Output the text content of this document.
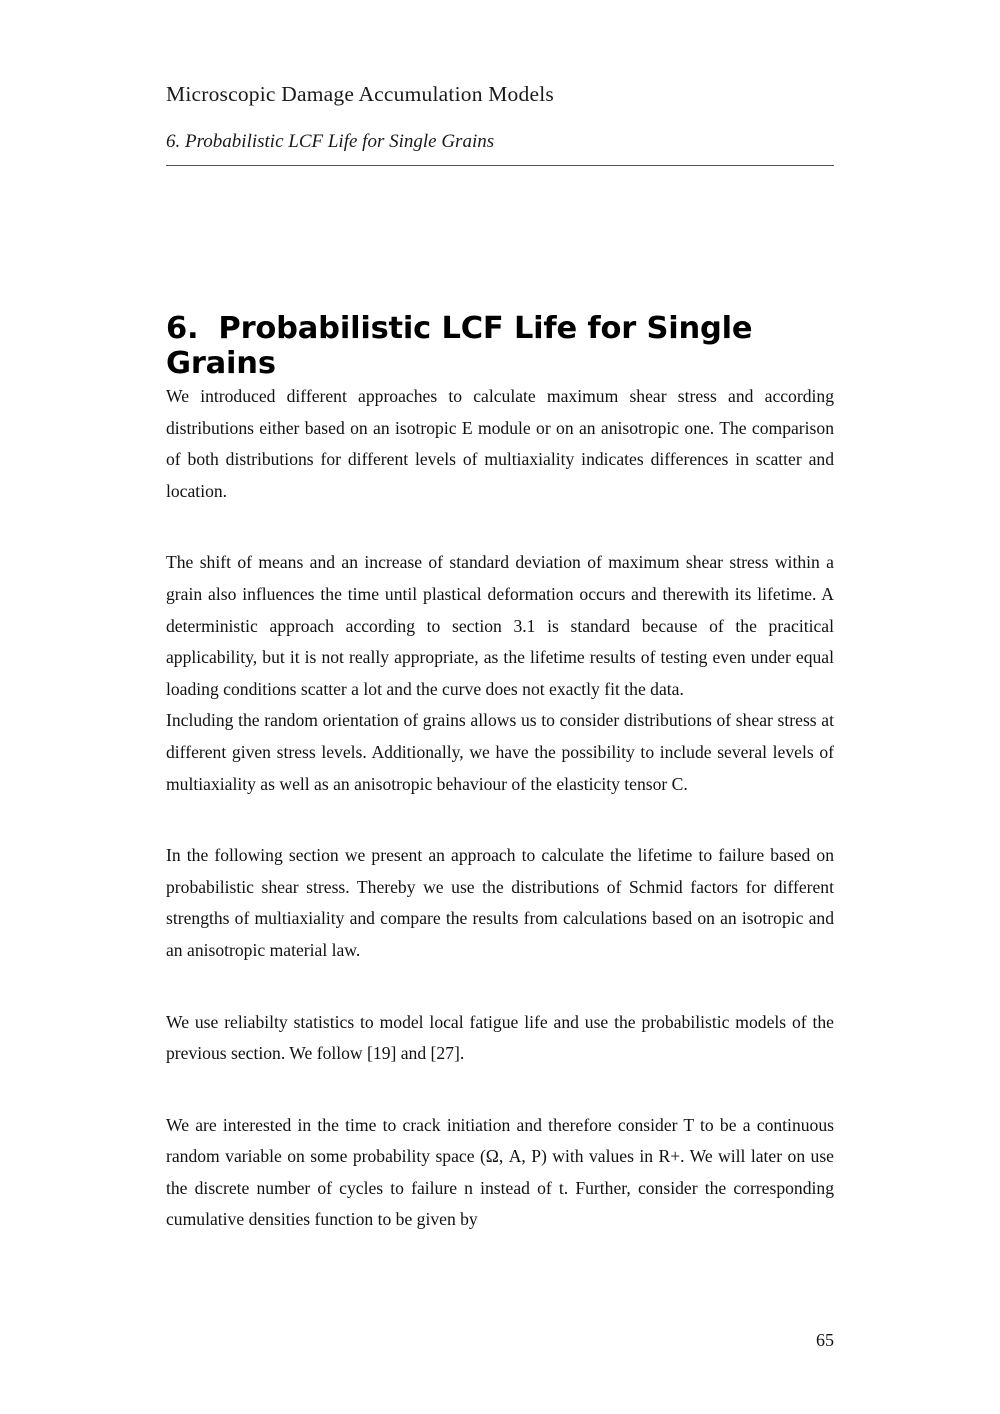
Microscopic Damage Accumulation Models
6. Probabilistic LCF Life for Single Grains
6. Probabilistic LCF Life for Single Grains

We introduced different approaches to calculate maximum shear stress and according distributions either based on an isotropic E module or on an anisotropic one. The comparison of both distributions for different levels of multiaxiality indicates differences in scatter and location.

The shift of means and an increase of standard deviation of maximum shear stress within a grain also influences the time until plastical deformation occurs and therewith its lifetime. A deterministic approach according to section 3.1 is standard because of the pracitical applicability, but it is not really appropriate, as the lifetime results of testing even under equal loading conditions scatter a lot and the curve does not exactly fit the data.

Including the random orientation of grains allows us to consider distributions of shear stress at different given stress levels. Additionally, we have the possibility to include several levels of multiaxiality as well as an anisotropic behaviour of the elasticity tensor C.

In the following section we present an approach to calculate the lifetime to failure based on probabilistic shear stress. Thereby we use the distributions of Schmid factors for different strengths of multiaxiality and compare the results from calculations based on an isotropic and an anisotropic material law.

We use reliabilty statistics to model local fatigue life and use the probabilistic models of the previous section. We follow [19] and [27].

We are interested in the time to crack initiation and therefore consider T to be a continuous random variable on some probability space (Ω, A, P) with values in R+. We will later on use the discrete number of cycles to failure n instead of t. Further, consider the corresponding cumulative densities function to be given by

65
